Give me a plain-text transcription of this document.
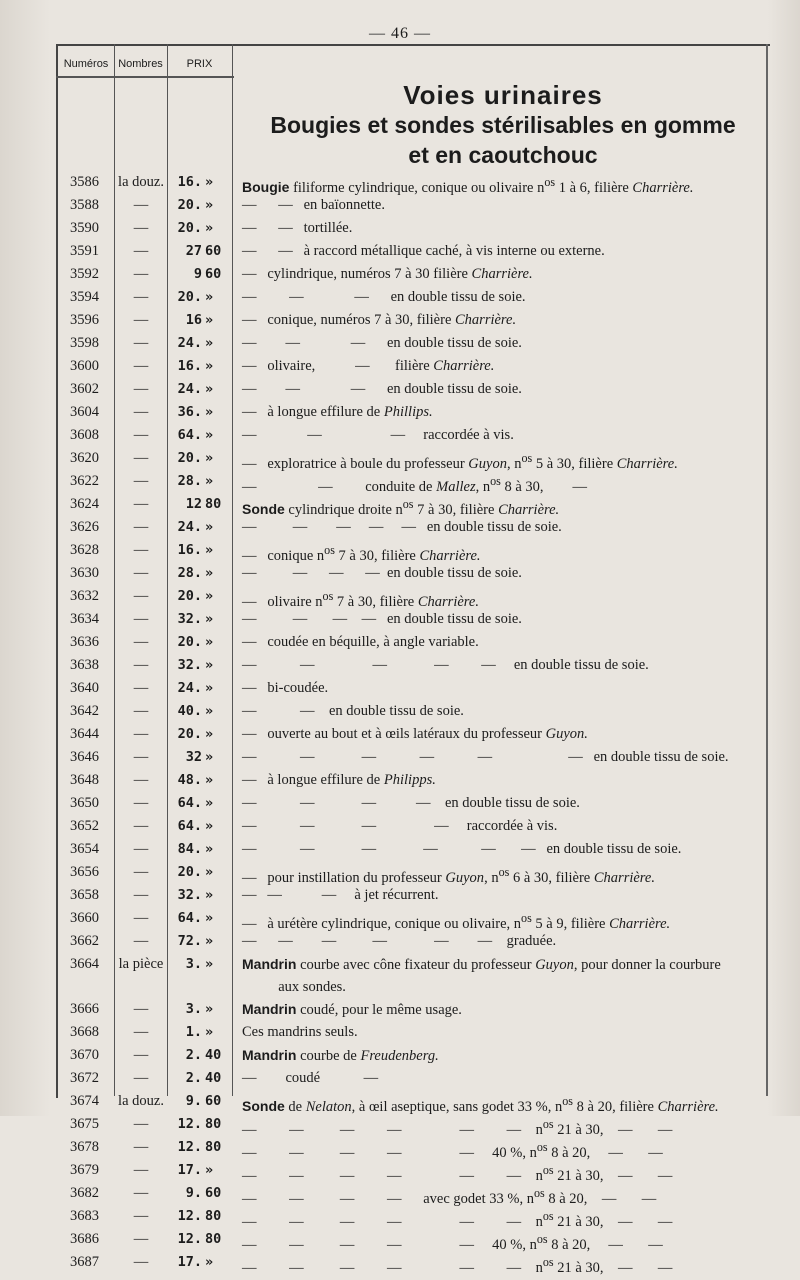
— 46 —
Numéros Nombres	PRIX
Voies urinaires
Bougies et sondes stérilisables en gomme
et en caoutchouc
3586	la douz.	16. »	Bougie filiforme cylindrique, conique ou olivaire $n^{os}$ 1 à 6, filière Charrière.
3588	—	20. »	—      —   en baïonnette.
3590	—	20. »	—      —   tortillée.
3591	—	27 60	—      —   à raccord métallique caché, à vis interne ou externe.
3592	—	9 60	—   cylindrique, numéros 7 à 30 filière Charrière.
3594	—	20. »	—         —              —      en double tissu de soie.
3596	—	16 »	—   conique, numéros 7 à 30, filière Charrière.
3598	—	24. »	—        —              —      en double tissu de soie.
3600	—	16. »	—   olivaire,           —       filière Charrière.
3602	—	24. »	—        —              —      en double tissu de soie.
3604	—	36. »	—   à longue effilure de Phillips.
3608	—	64. »	—              —                   —     raccordée à vis.
3620	—	20. »	—   exploratrice à boule du professeur Guyon, $n^{os}$ 5 à 30, filière Charrière.
3622	—	28. »	—                 —         conduite de Mallez, $n^{os}$ 8 à 30,        —
3624	—	12 80	Sonde cylindrique droite $n^{os}$ 7 à 30, filière Charrière.
3626	—	24. »	—          —        —     —     —   en double tissu de soie.
3628	—	16. »	—   conique $n^{os}$ 7 à 30, filière Charrière.
3630	—	28. »	—          —      —      —  en double tissu de soie.
3632	—	20. »	—   olivaire $n^{os}$ 7 à 30, filière Charrière.
3634	—	32. »	—          —       —    —   en double tissu de soie.
3636	—	20. »	—   coudée en béquille, à angle variable.
3638	—	32. »	—            —                —             —         —     en double tissu de soie.
3640	—	24. »	—   bi-coudée.
3642	—	40. »	—            —    en double tissu de soie.
3644	—	20. »	—   ouverte au bout et à œils latéraux du professeur Guyon.
3646	—	32 »	—            —             —            —            —                     —   en double tissu de soie.
3648	—	48. »	—   à longue effilure de Philipps.
3650	—	64. »	—            —             —           —    en double tissu de soie.
3652	—	64. »	—            —             —                —     raccordée à vis.
3654	—	84. »	—            —             —             —            —       —   en double tissu de soie.
3656	—	20. »	—   pour instillation du professeur Guyon, $n^{os}$ 6 à 30, filière Charrière.
3658	—	32. »	—   —           —     à jet récurrent.
3660	—	64. »	—   à urétère cylindrique, conique ou olivaire, $n^{os}$ 5 à 9, filière Charrière.
3662	—	72. »	—      —        —          —             —        —    graduée.
3664	la pièce	3. »	Mandrin courbe avec cône fixateur du professeur Guyon, pour donner la courbure
aux sondes.
3666	—	3. »	Mandrin coudé, pour le même usage.
3668	—	1. »	Ces mandrins seuls.
3670	—	2. 40	Mandrin courbe de Freudenberg.
3672	—	2. 40	—        coudé            —
3674	la douz.	9. 60	Sonde de Nelaton, à œil aseptique, sans godet 33 %, $n^{os}$ 8 à 20, filière Charrière.
3675	—	12. 80	—         —          —         —                —         —    $n^{os}$ 21 à 30,    —       —
3678	—	12. 80	—         —          —         —                —     40 %, $n^{os}$ 8 à 20,     —       —
3679	—	17. »	—         —          —         —                —         —    $n^{os}$ 21 à 30,    —       —
3682	—	9. 60	—         —          —         —      avec godet 33 %, $n^{os}$ 8 à 20,    —       —
3683	—	12. 80	—         —          —         —                —         —    $n^{os}$ 21 à 30,    —       —
3686	—	12. 80	—         —          —         —                —     40 %, $n^{os}$ 8 à 20,     —       —
3687	—	17. »	—         —          —         —                —         —    $n^{os}$ 21 à 30,    —       —
